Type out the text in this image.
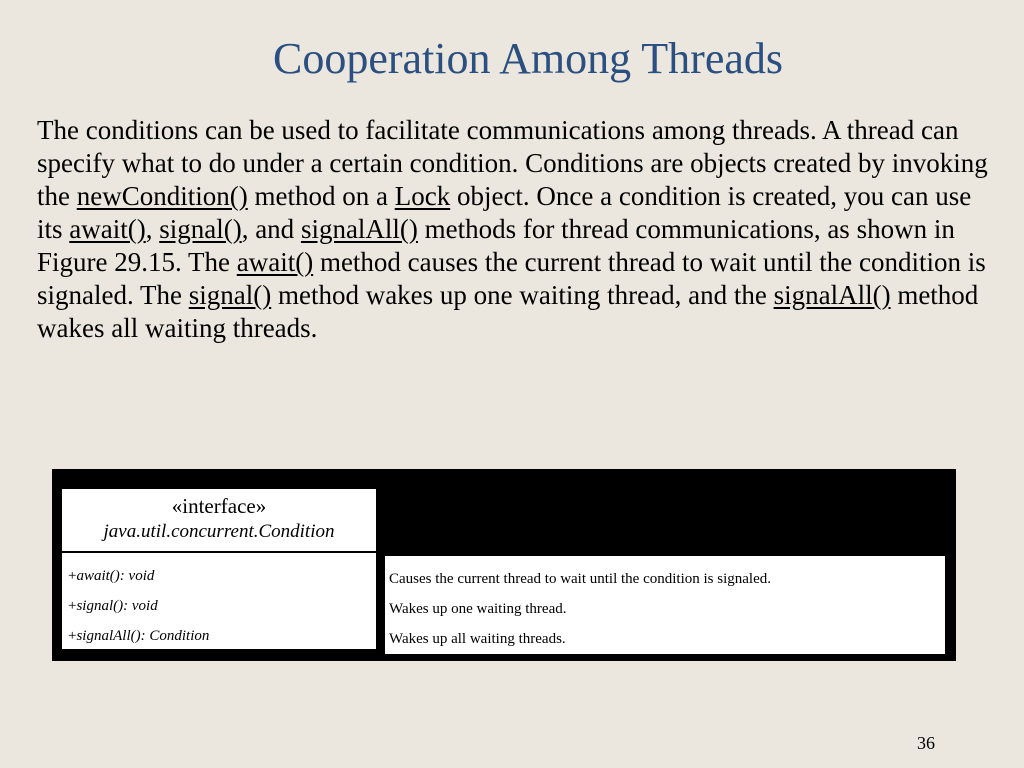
Cooperation Among Threads

The conditions can be used to facilitate communications among threads. A thread can specify what to do under a certain condition. Conditions are objects created by invoking the newCondition() method on a Lock object. Once a condition is created, you can use its await(), signal(), and signalAll() methods for thread communications, as shown in Figure 29.15. The await() method causes the current thread to wait until the condition is signaled. The signal() method wakes up one waiting thread, and the signalAll() method wakes all waiting threads.

«interface»
java.util.concurrent.Condition
+await(): void
+signal(): void
+signalAll(): Condition
Causes the current thread to wait until the condition is signaled.
Wakes up one waiting thread.
Wakes up all waiting threads.
36
